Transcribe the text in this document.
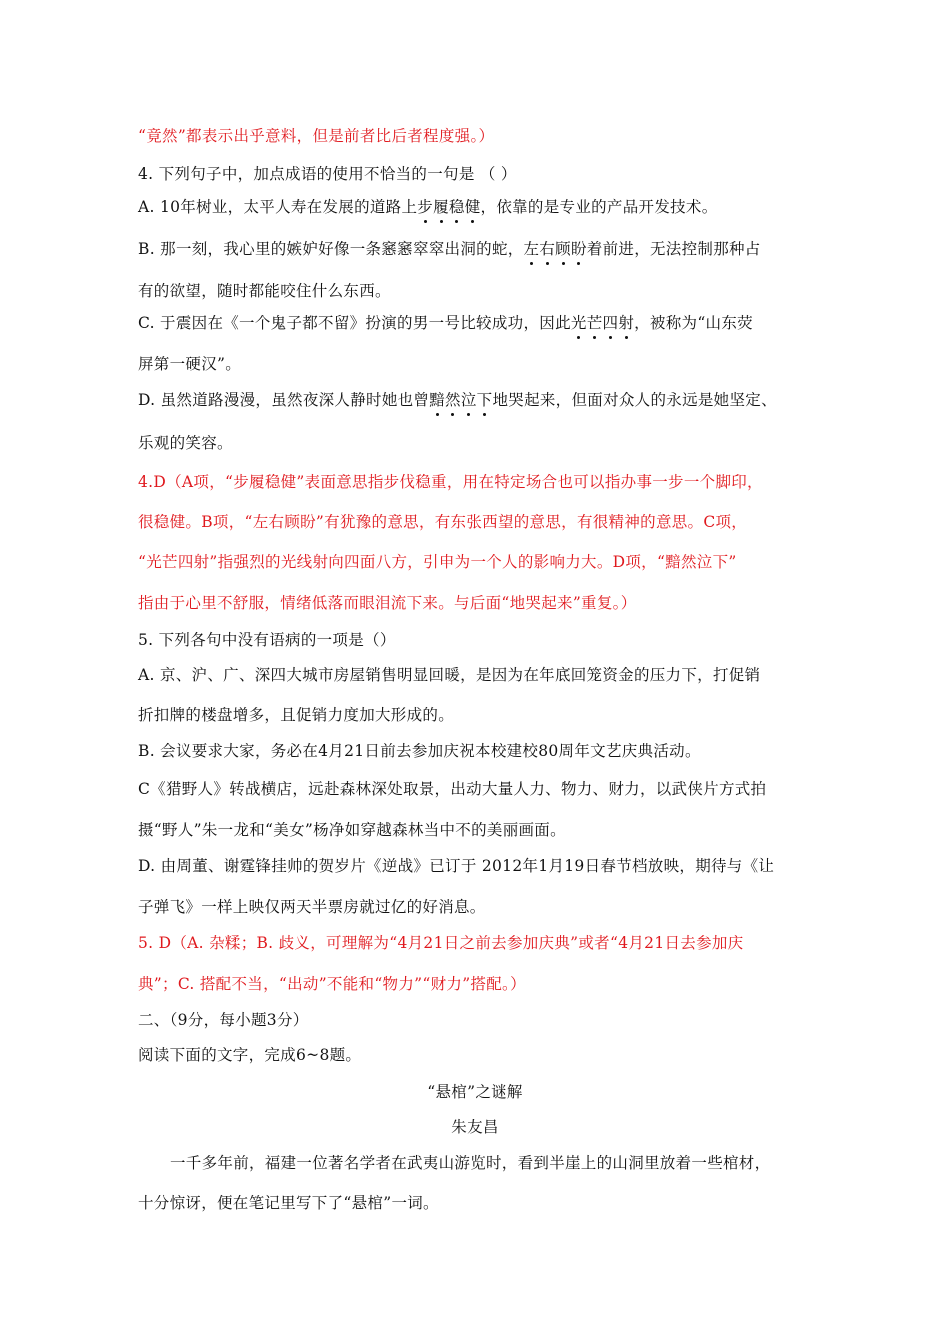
“竟然”都表示出乎意料，但是前者比后者程度强。）
4. 下列句子中，加点成语的使用不恰当的一句是 （ ）
A. 10年树业，太平人寿在发展的道路上步履稳健，依靠的是专业的产品开发技术。
B. 那一刻，我心里的嫉妒好像一条窸窸窣窣出洞的蛇，左右顾盼着前进，无法控制那种占
有的欲望，随时都能咬住什么东西。
C. 于震因在《一个鬼子都不留》扮演的男一号比较成功，因此光芒四射，被称为“山东荧
屏第一硬汉”。
D. 虽然道路漫漫，虽然夜深人静时她也曾黯然泣下地哭起来，但面对众人的永远是她坚定、
乐观的笑容。
4.D（A项，“步履稳健”表面意思指步伐稳重，用在特定场合也可以指办事一步一个脚印，
很稳健。B项，“左右顾盼”有犹豫的意思，有东张西望的意思，有很精神的意思。C项，
“光芒四射”指强烈的光线射向四面八方，引申为一个人的影响力大。D项，“黯然泣下”
指由于心里不舒服，情绪低落而眼泪流下来。与后面“地哭起来”重复。）
5. 下列各句中没有语病的一项是（）
A. 京、沪、广、深四大城市房屋销售明显回暖，是因为在年底回笼资金的压力下，打促销
折扣牌的楼盘增多，且促销力度加大形成的。
B. 会议要求大家，务必在4月21日前去参加庆祝本校建校80周年文艺庆典活动。
C《猎野人》转战横店，远赴森林深处取景，出动大量人力、物力、财力，以武侠片方式拍
摄“野人”朱一龙和“美女”杨净如穿越森林当中不的美丽画面。
D. 由周董、谢霆锋挂帅的贺岁片《逆战》已订于 2012年1月19日春节档放映，期待与《让
子弹飞》一样上映仅两天半票房就过亿的好消息。
5. D（A. 杂糅；B. 歧义，可理解为“4月21日之前去参加庆典”或者“4月21日去参加庆
典”；C. 搭配不当，“出动”不能和“物力”“财力”搭配。）
二、（9分，每小题3分）
阅读下面的文字，完成6~8题。
“悬棺”之谜解
朱友昌
一千多年前，福建一位著名学者在武夷山游览时，看到半崖上的山洞里放着一些棺材，
十分惊讶，便在笔记里写下了“悬棺”一词。
